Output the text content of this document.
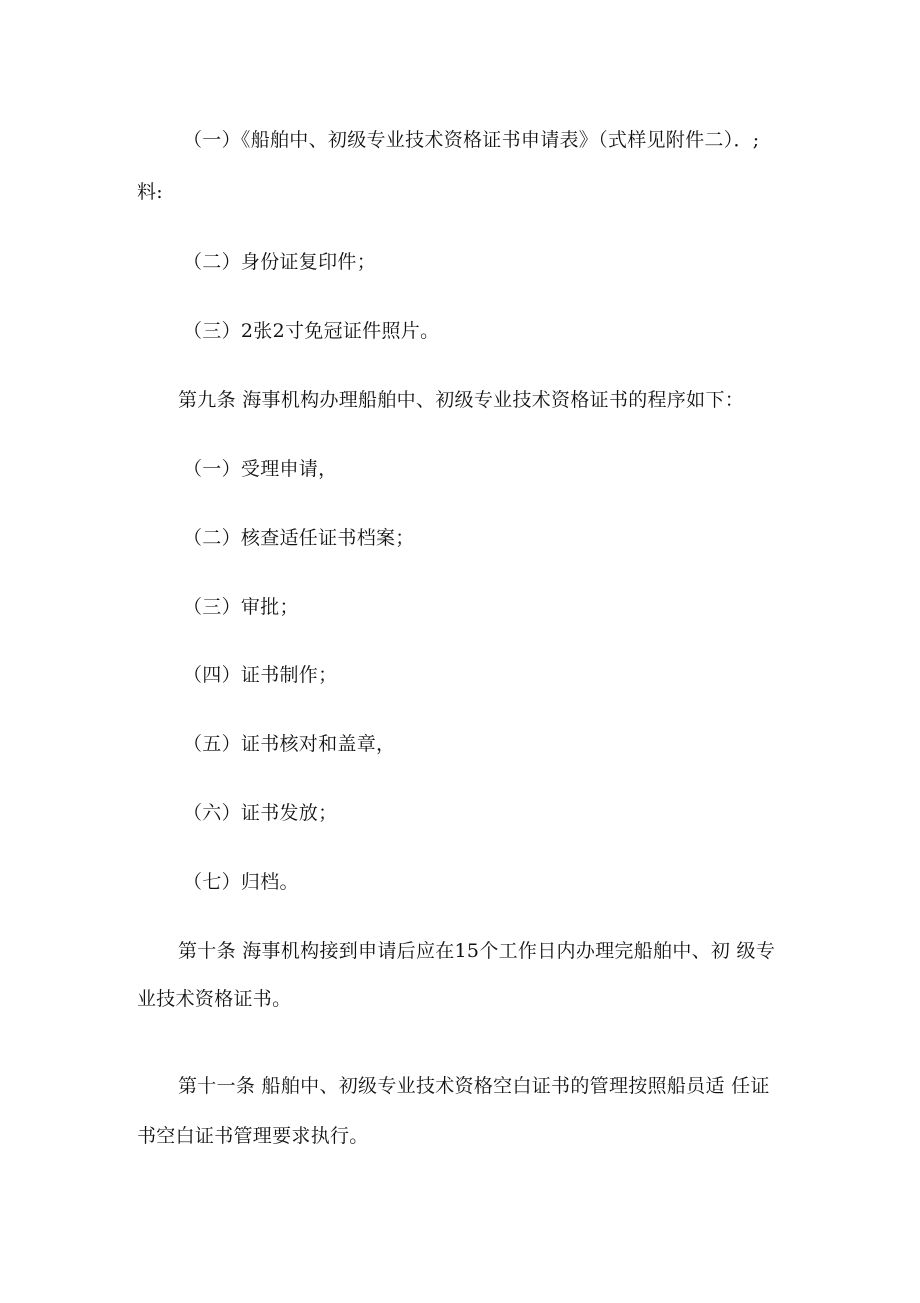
（一）《船舶中、初级专业技术资格证书申请表》（式样见附件二）．;
料:
（二）身份证复印件；
（三）2张2寸免冠证件照片。
第九条 海事机构办理船舶中、初级专业技术资格证书的程序如下：
（一）受理申请，
（二）核查适任证书档案；
（三）审批；
（四）证书制作；
（五）证书核对和盖章，
（六）证书发放；
（七）归档。
第十条 海事机构接到申请后应在15个工作日内办理完船舶中、初 级专
业技术资格证书。
第十一条 船舶中、初级专业技术资格空白证书的管理按照船员适 任证
书空白证书管理要求执行。
